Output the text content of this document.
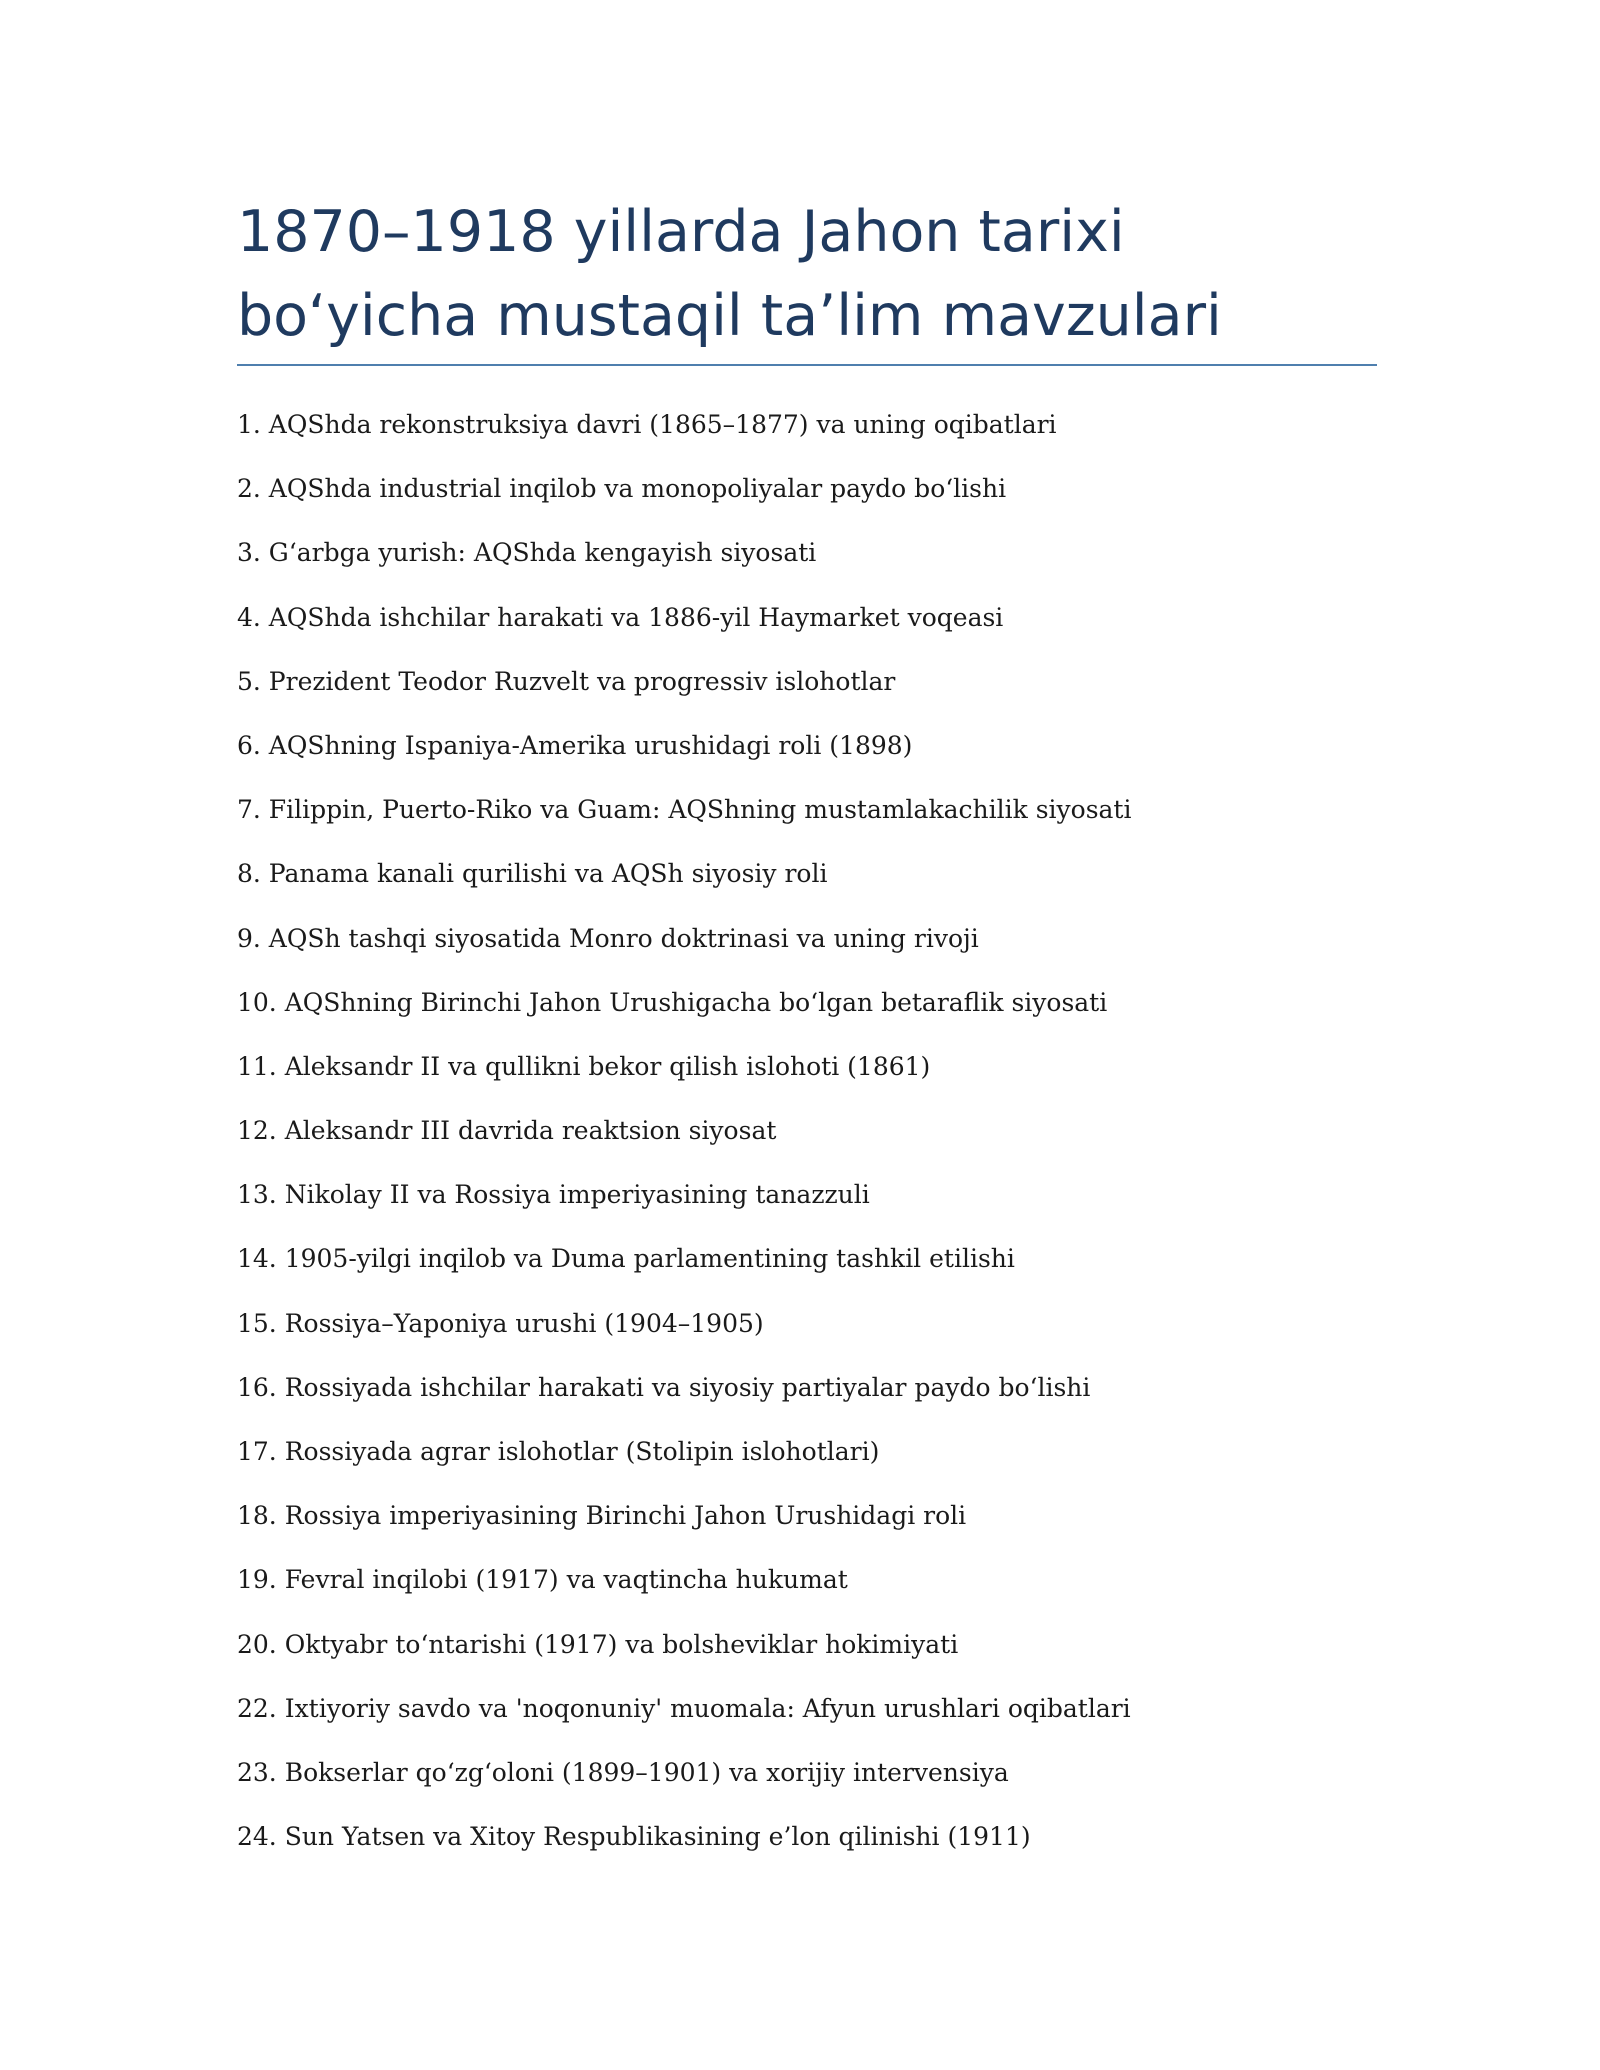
1870–1918 yillarda Jahon tarixi
bo‘yicha mustaqil ta’lim mavzulari
1. AQShda rekonstruksiya davri (1865–1877) va uning oqibatlari
2. AQShda industrial inqilob va monopoliyalar paydo bo‘lishi
3. G‘arbga yurish: AQShda kengayish siyosati
4. AQShda ishchilar harakati va 1886-yil Haymarket voqeasi
5. Prezident Teodor Ruzvelt va progressiv islohotlar
6. AQShning Ispaniya-Amerika urushidagi roli (1898)
7. Filippin, Puerto-Riko va Guam: AQShning mustamlakachilik siyosati
8. Panama kanali qurilishi va AQSh siyosiy roli
9. AQSh tashqi siyosatida Monro doktrinasi va uning rivoji
10. AQShning Birinchi Jahon Urushigacha bo‘lgan betaraflik siyosati
11. Aleksandr II va qullikni bekor qilish islohoti (1861)
12. Aleksandr III davrida reaktsion siyosat
13. Nikolay II va Rossiya imperiyasining tanazzuli
14. 1905-yilgi inqilob va Duma parlamentining tashkil etilishi
15. Rossiya–Yaponiya urushi (1904–1905)
16. Rossiyada ishchilar harakati va siyosiy partiyalar paydo bo‘lishi
17. Rossiyada agrar islohotlar (Stolipin islohotlari)
18. Rossiya imperiyasining Birinchi Jahon Urushidagi roli
19. Fevral inqilobi (1917) va vaqtincha hukumat
20. Oktyabr to‘ntarishi (1917) va bolsheviklar hokimiyati
22. Ixtiyoriy savdo va 'noqonuniy' muomala: Afyun urushlari oqibatlari
23. Bokserlar qo‘zg‘oloni (1899–1901) va xorijiy intervensiya
24. Sun Yatsen va Xitoy Respublikasining e’lon qilinishi (1911)
